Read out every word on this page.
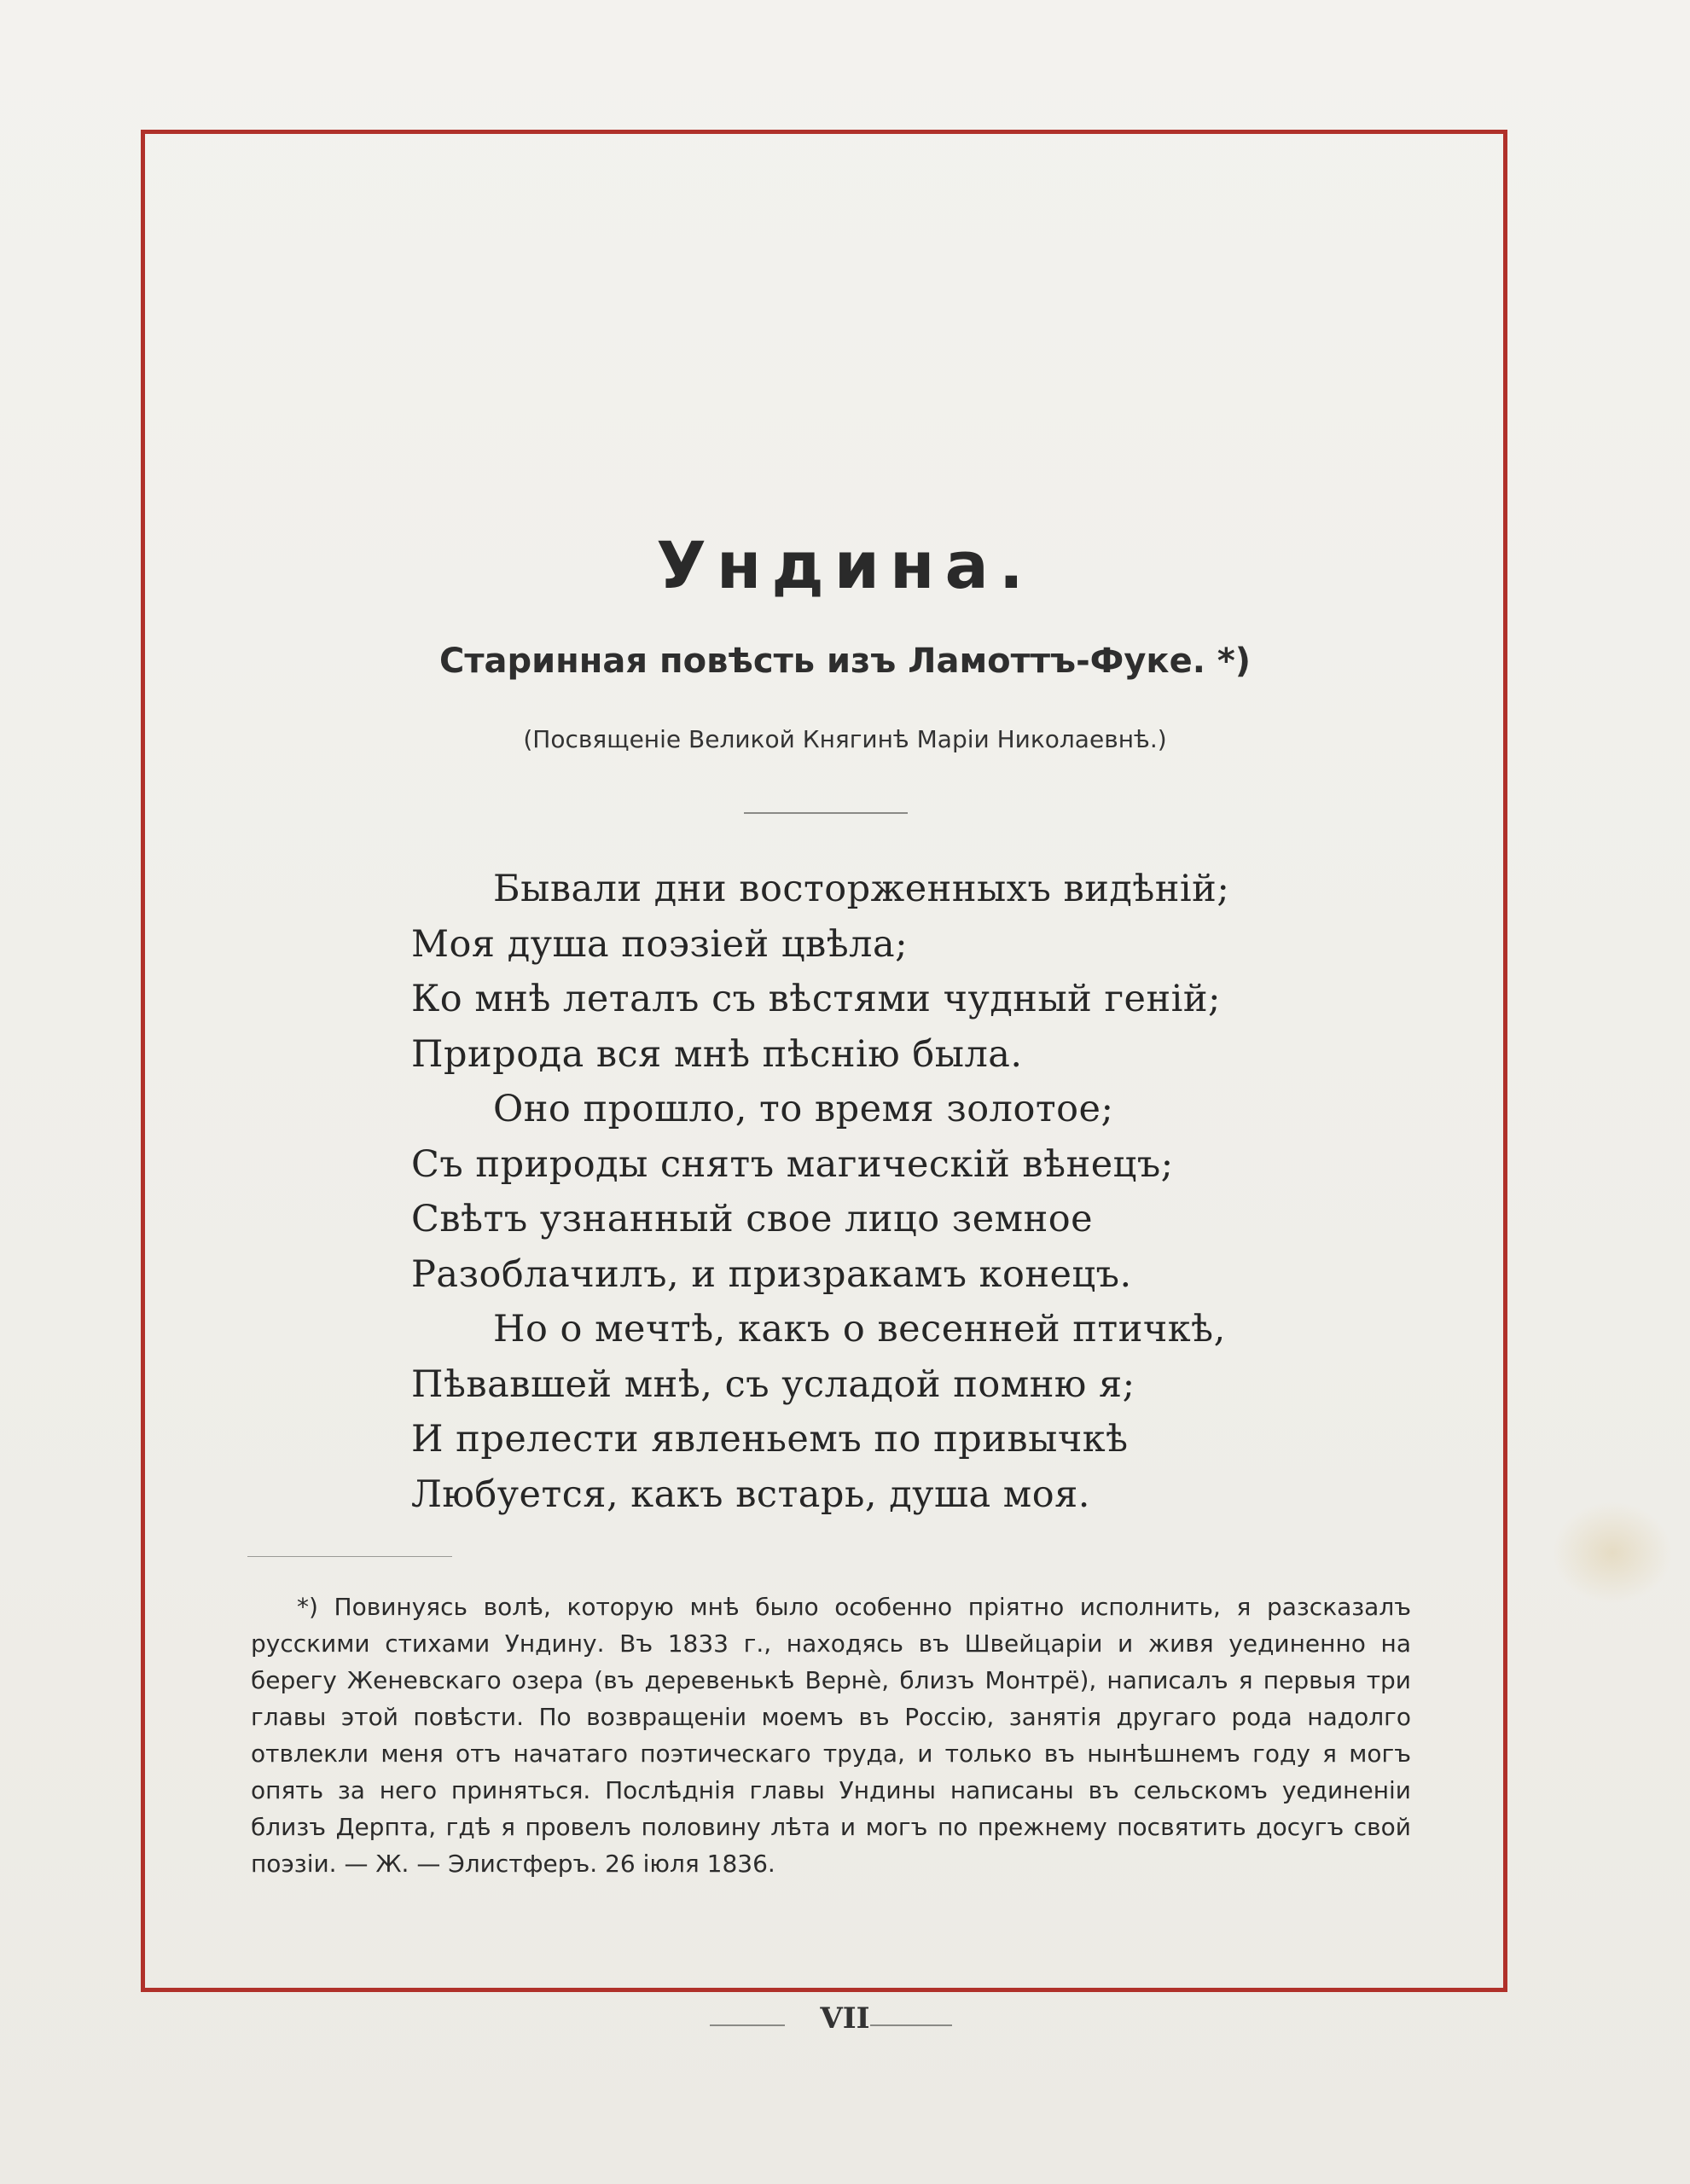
Ундина.
Старинная повѣсть изъ Ламоттъ-Фуке. *)
(Посвященіе Великой Княгинѣ Маріи Николаевнѣ.)
Бывали дни восторженныхъ видѣній;
Моя душа поэзіей цвѣла;
Ко мнѣ леталъ съ вѣстями чудный геній;
Природа вся мнѣ пѣснію была.
Оно прошло, то время золотое;
Съ природы снятъ магическій вѣнецъ;
Свѣтъ узнанный свое лицо земное
Разоблачилъ, и призракамъ конецъ.
Но о мечтѣ, какъ о весенней птичкѣ,
Пѣвавшей мнѣ, съ усладой помню я;
И прелести явленьемъ по привычкѣ
Любуется, какъ встарь, душа моя.
*) Повинуясь волѣ, которую мнѣ было особенно пріятно исполнить, я разсказалъ русскими стихами Ундину. Въ 1833 г., находясь въ Швейцаріи и живя уединенно на берегу Женевскаго озера (въ деревенькѣ Вернѐ, близъ Монтрё), написалъ я первыя три главы этой повѣсти. По возвращеніи моемъ въ Россію, занятія другаго рода надолго отвлекли меня отъ начатаго поэтическаго труда, и только въ нынѣшнемъ году я могъ опять за него приняться. Послѣднія главы Ундины написаны въ сельскомъ уединеніи близъ Дерпта, гдѣ я провелъ половину лѣта и могъ по прежнему посвятить досугъ свой поэзіи. — Ж. — Элистферъ. 26 іюля 1836.
VII
